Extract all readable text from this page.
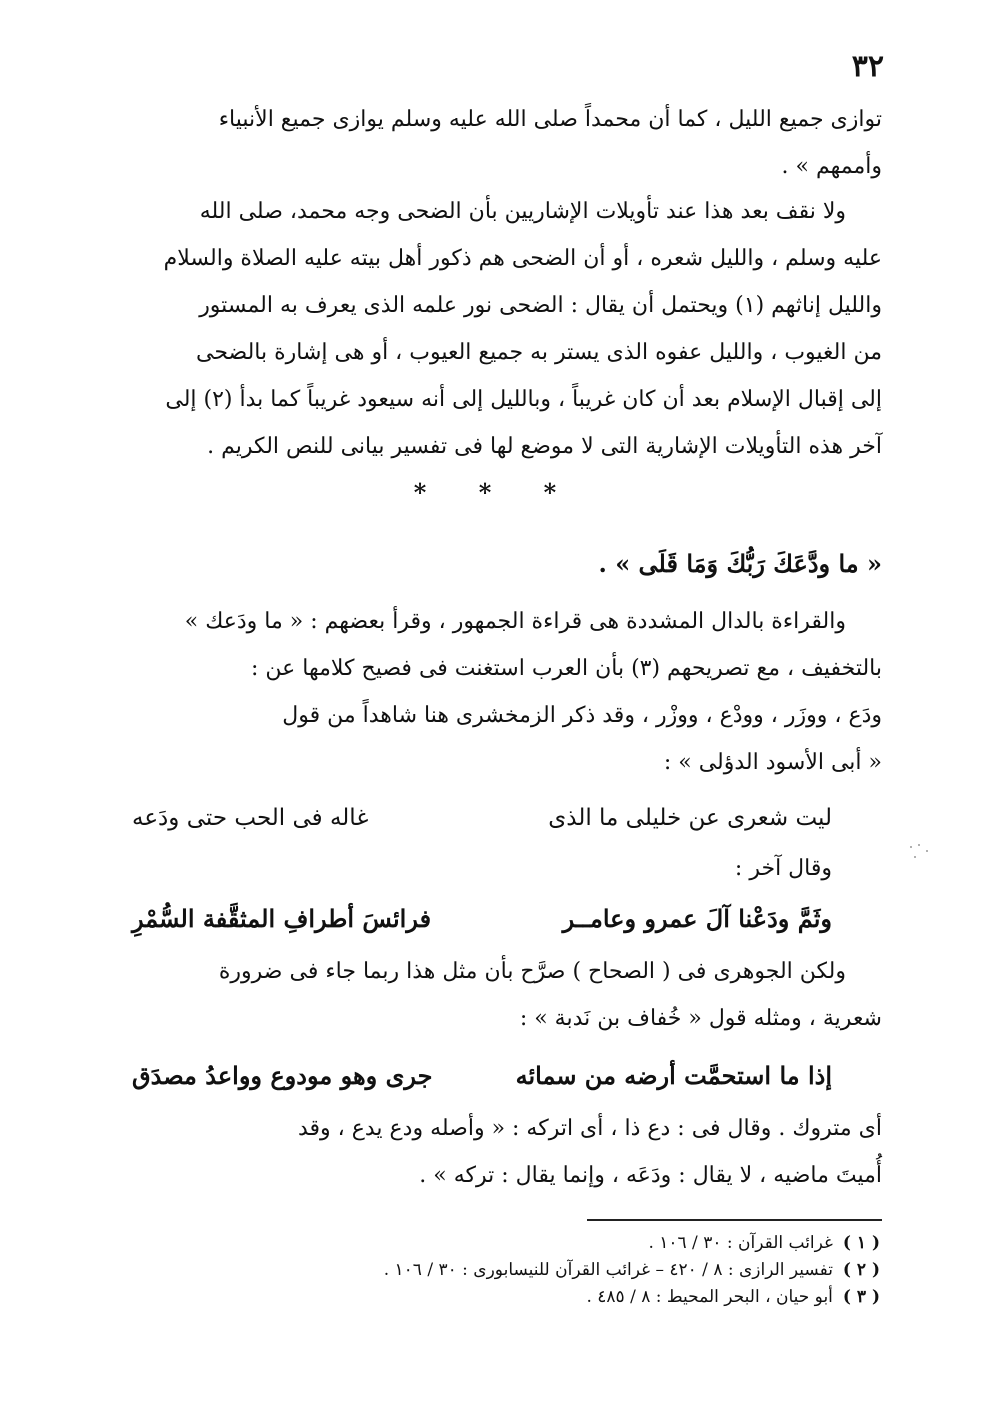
٣٢
توازى جميع الليل ، كما أن محمداً صلى الله عليه وسلم يوازى جميع الأنبياء
وأممهم » .
ولا نقف بعد هذا عند تأويلات الإشاريين بأن الضحى وجه محمد، صلى الله
عليه وسلم ، والليل شعره ، أو أن الضحى هم ذكور أهل بيته عليه الصلاة والسلام
والليل إناثهم (١) ويحتمل أن يقال : الضحى نور علمه الذى يعرف به المستور
من الغيوب ، والليل عفوه الذى يستر به جميع العيوب ، أو هى إشارة بالضحى
إلى إقبال الإسلام بعد أن كان غريباً ، وبالليل إلى أنه سيعود غريباً كما بدأ (٢) إلى
آخر هذه التأويلات الإشارية التى لا موضع لها فى تفسير بيانى للنص الكريم .
* * *
« ما ودَّعَكَ رَبُّكَ وَمَا قَلَى » .
والقراءة بالدال المشددة هى قراءة الجمهور ، وقرأ بعضهم : « ما ودَعك »
بالتخفيف ، مع تصريحهم (٣) بأن العرب استغنت فى فصيح كلامها عن :
ودَع ، ووزَر ، وودْع ، ووزْر ، وقد ذكر الزمخشرى هنا شاهداً من قول
« أبى الأسود الدؤلى » :
ليت شعرى عن خليلى ما الذى
غاله فى الحب حتى ودَعه
وقال آخر :
وثَمَّ ودَعْنا آلَ عمرو وعامــر
فرائسَ أطرافِ المثقَّفة السُّمْرِ
ولكن الجوهرى فى ( الصحاح ) صرَّح بأن مثل هذا ربما جاء فى ضرورة
شعرية ، ومثله قول « خُفاف بن نَدبة » :
إذا ما استحمَّت أرضه من سمائه
جرى وهو مودوع وواعدُ مصدَق
أى متروك . وقال فى : دع ذا ، أى اتركه : « وأصله ودع يدع ، وقد
أُميتَ ماضيه ، لا يقال : ودَعَه ، وإنما يقال : تركه » .
( ١ )غرائب القرآن : ٣٠ / ١٠٦ .
( ٢ )تفسير الرازى : ٨ / ٤٢٠ – غرائب القرآن للنيسابورى : ٣٠ / ١٠٦ .
( ٣ )أبو حيان ، البحر المحيط : ٨ / ٤٨٥ .
